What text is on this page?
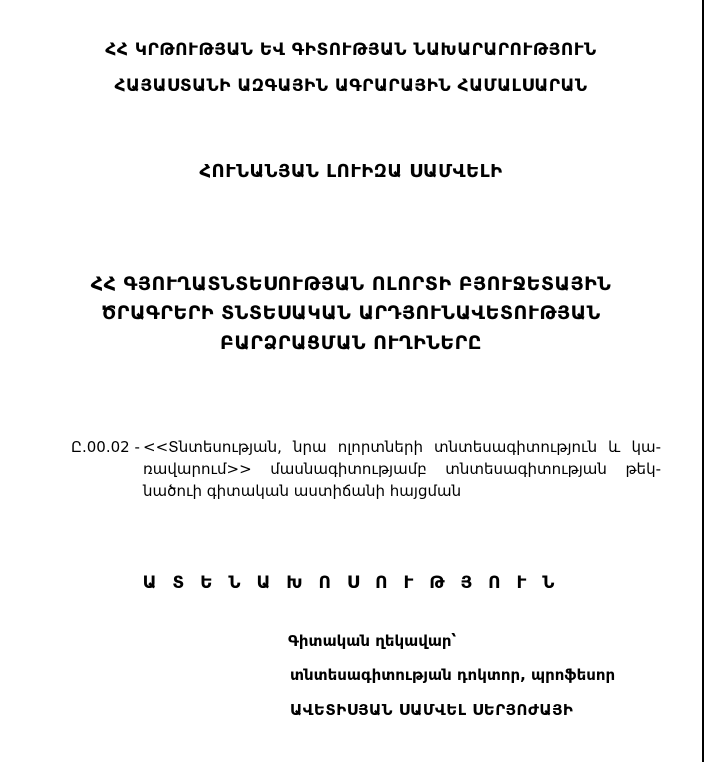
ՀՀ ԿՐԹՈՒԹՅԱՆ ԵՎ ԳԻՏՈՒԹՅԱՆ ՆԱԽԱՐԱՐՈՒԹՅՈՒՆ
ՀԱՅԱՍՏԱՆԻ ԱԶԳԱՅԻՆ ԱԳՐԱՐԱՅԻՆ ՀԱՄԱԼՍԱՐԱՆ
ՀՈՒՆԱՆՅԱՆ ԼՈՒԻԶԱ ՍԱՄՎԵԼԻ
ՀՀ ԳՅՈՒՂԱՏՆՏԵՍՈՒԹՅԱՆ ՈԼՈՐՏԻ ԲՅՈՒՋԵՏԱՅԻՆ
ԾՐԱԳՐԵՐԻ ՏՆՏԵՍԱԿԱՆ ԱՐԴՅՈՒՆԱՎԵՏՈՒԹՅԱՆ
ԲԱՐՁՐԱՑՄԱՆ ՈՒՂԻՆԵՐԸ
Ը.00.02 - <<Տնտեսության, նրա ոլորտների տնտեսագիտություն և կա-
ռավարում>> մասնագիտությամբ տնտեսագիտության թեկ-
նածուի գիտական աստիճանի հայցման
Ա Տ Ե Ն Ա Խ Ո Ս Ո Ւ Թ Յ Ո Ւ Ն
Գիտական ղեկավար՝
տնտեսագիտության դոկտոր, պրոֆեսոր
ԱՎԵՏԻՍՅԱՆ ՍԱՄՎԵԼ ՍԵՐՅՈԺԱՅԻ
